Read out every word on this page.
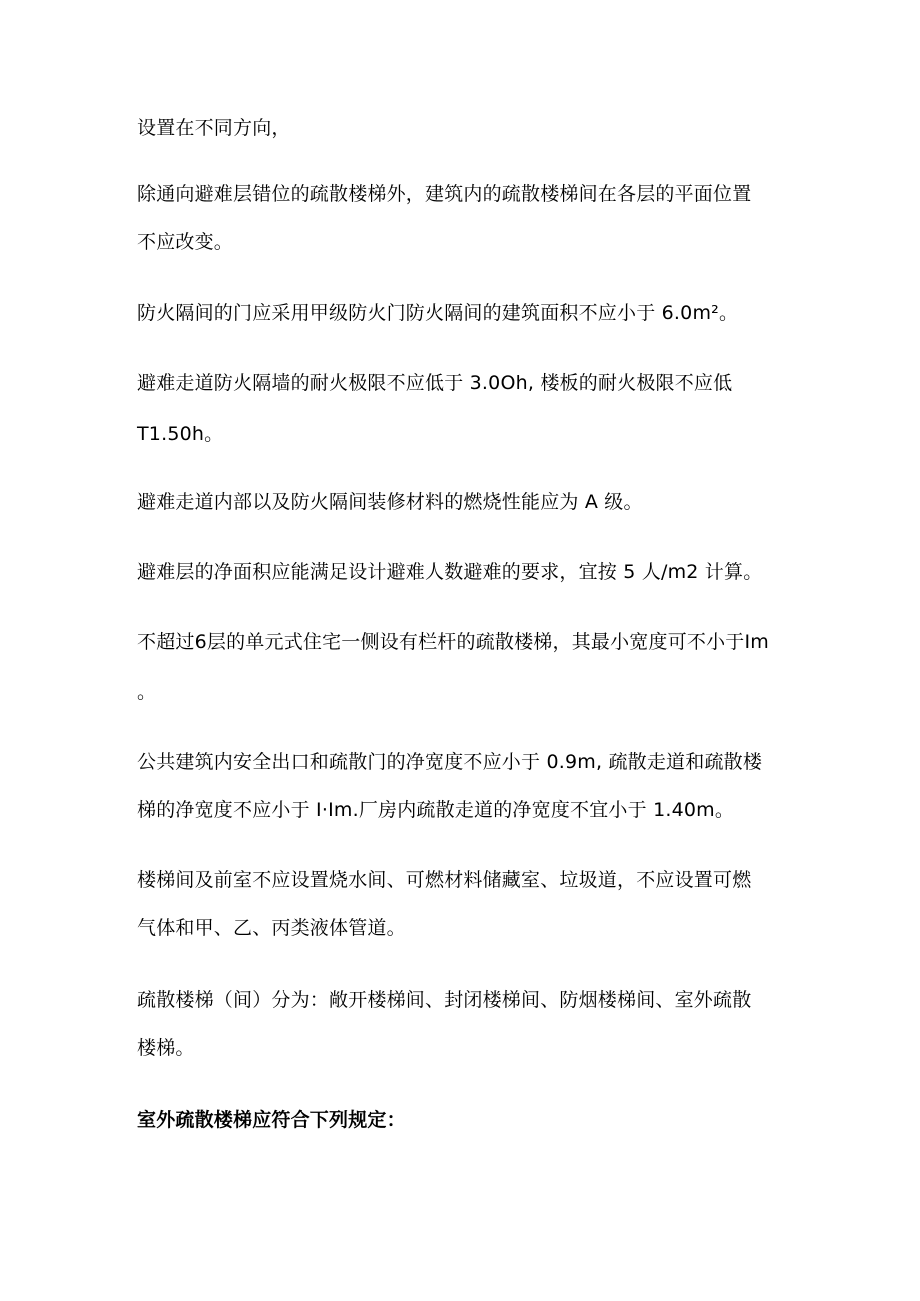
设置在不同方向，
除通向避难层错位的疏散楼梯外，建筑内的疏散楼梯间在各层的平面位置
不应改变。
防火隔间的门应采用甲级防火门防火隔间的建筑面积不应小于 6.0m²。
避难走道防火隔墙的耐火极限不应低于 3.0Oh, 楼板的耐火极限不应低
T1.50h。
避难走道内部以及防火隔间装修材料的燃烧性能应为 A 级。
避难层的净面积应能满足设计避难人数避难的要求，宜按 5 人/m2 计算。
不超过6层的单元式住宅一侧设有栏杆的疏散楼梯，其最小宽度可不小于Im
。
公共建筑内安全出口和疏散门的净宽度不应小于 0.9m, 疏散走道和疏散楼
梯的净宽度不应小于 I·Im.厂房内疏散走道的净宽度不宜小于 1.40m。
楼梯间及前室不应设置烧水间、可燃材料储藏室、垃圾道，不应设置可燃
气体和甲、乙、丙类液体管道。
疏散楼梯（间）分为：敞开楼梯间、封闭楼梯间、防烟楼梯间、室外疏散
楼梯。
室外疏散楼梯应符合下列规定：
